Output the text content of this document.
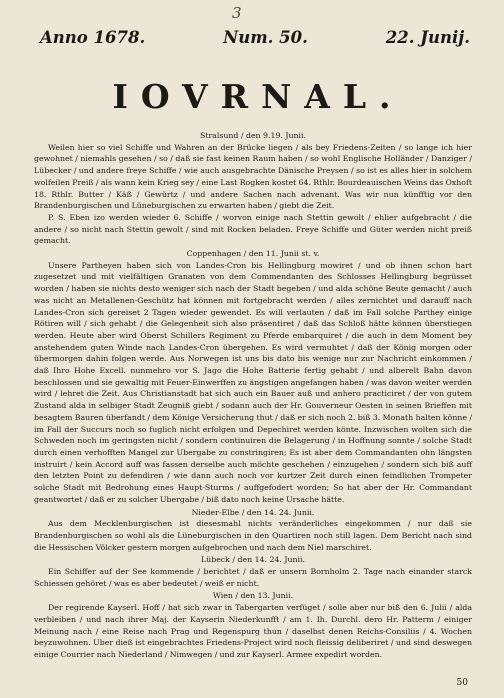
3
Anno 1678.	Num. 50.	22. Junij.
IOVRNAL.
Stralsund / den 9.19. Junii.

Weilen hier so viel Schiffe und Wahren an der Brücke liegen / als bey Friedens-Zeiten / so lange ich hier gewohnet / niemahls gesehen / so / daß sie fast keinen Raum haben / so wohl Englische Holländer / Danziger / Lübecker / und andere freye Schiffe / wie auch ausgebrachte Dänische Preysen / so ist es alles hier in solchem wolfeilen Preiß / als wann kein Krieg sey / eine Last Rogken kostet 64. Rthlr. Bourdeauischen Weins das Oxhoft 18. Rthlr. Butter / Käß / Gewürtz / und andere Sachen nach advenant. Was wir nun künfftig vor den Brandenburgischen und Lüneburgischen zu erwarten haben / giebt die Zeit.

P. S. Eben izo werden wieder 6. Schiffe / worvon einige nach Stettin gewolt / ehlier aufgebracht / die andere / so nicht nach Stettin gewolt / sind mit Rocken beladen. Freye Schiffe und Güter werden nicht preiß gemacht.

Coppenhagen / den 11. Junii st. v.

Unsere Partheyen haben sich von Landes-Cron bis Hellingburg mowiret / und ob ihnen schon hart zugesetzet und mit vielfältigen Granaten von dem Commendanten des Schlosses Hellingburg begrüsset worden / haben sie nichts desto weniger sich nach der Stadt begeben / und alda schöne Beute gemacht / auch was nicht an Metallenen-Geschütz hat können mit fortgebracht werden / alles zernichtet und darauff nach Landes-Cron sich gereiset 2 Tagen wieder gewendet. Es will verlauten / daß im Fall solche Parthey einige Rötiren will / sich gehabt / die Gelegenheit sich also präsentiret / daß das Schloß hätte können überstiegen werden. Heute aber wird Oberst Schillers Regiment zu Pferde embarquiret / die auch in dem Moment bey anstehendem guten Winde nach Landes-Cron übergehen. Es wird vermuhtet / daß der König morgen oder übermorgen dahin folgen werde. Aus Norwegen ist uns bis dato bis wenige nur zur Nachricht einkommen / daß Ihro Hohe Excell. nunmehro vor S. Jago die Hohe Batterie fertig gehabt / und alberelt Bahn davon beschlossen und sie gewaltig mit Feuer-Einwerffen zu ängstigen angefangen haben / was davon weiter werden wird / lehret die Zeit. Aus Christianstadt hat sich auch ein Bauer auß und anhero practiciret / der von gutem Zustand alda in selbiger Stadt Zeugniß giebt / sodann auch der Hr. Gouverneur Oesten in seinen Brieffen mit besagtem Bauren überfandt / dem Könige Versicherung thut / daß er sich noch 2. biß 3. Monath halten könne / im Fall der Succurs noch so fuglich nicht erfolgen und Depechiret werden könte. Inzwischen wolten sich die Schweden noch im geringsten nicht / sondern continuiren die Belagerung / in Hoffnung sonnte / solche Stadt durch einen verhofften Mangel zur Ubergabe zu constringiren; Es ist aber dem Commandanten ohn längsten instruirt / kein Accord auff was fassen derselbe auch möchte geschehen / einzugehen / sondern sich biß auff den letzten Point zu defendiren / wie dann auch noch vor kurtzer Zeit durch einen feindlichen Trompeter solche Stadt mit Bedrohung eines Haupt-Sturms / auffgefodert worden; So hat aber der Hr. Commandant geantwortet / daß er zu solcher Ubergabe / biß dato noch keine Ursache hätte.

Nieder-Elbe / den 14. 24. Junii.

Aus dem Mecklenburgischen ist diesesmahl nichts veränderliches eingekommen / nur daß sie Brandenburgischen so wohl als die Lüneburgischen in den Quartiren noch still lagen. Dem Bericht nach sind die Hessischen Völcker gestern morgen aufgebrochen und nach dem Niel marschiret.

Lübeck / den 14. 24. Junii.

Ein Schiffer auf der See kommende / berichtet / daß er unsern Bornholm 2. Tage nach einander starck Schiessen gehöret / was es aber bedeutet / weiß er nicht.

Wien / den 13. Junii.

Der regirende Kayserl. Hoff / hat sich zwar in Tabergarten verfüget / solle aber nur biß den 6. Julii / alda verbleiben / und nach ihrer Maj. der Kayserin Niederkunfft / am 1. Ih. Durchl. dero Hr. Patterm / einiger Meinung nach / eine Reise nach Prag und Regenspurg thun / daselbst denen Reichs-Consiliis / 4. Wochen beyzuwohnen. Uber dieß ist eingebrachtes Friedens-Project wird noch fleissig deliberiret / und sind deswegen einige Courrier nach Niederland / Nimwegen / und zur Kayserl. Armee expedirt worden.

50
